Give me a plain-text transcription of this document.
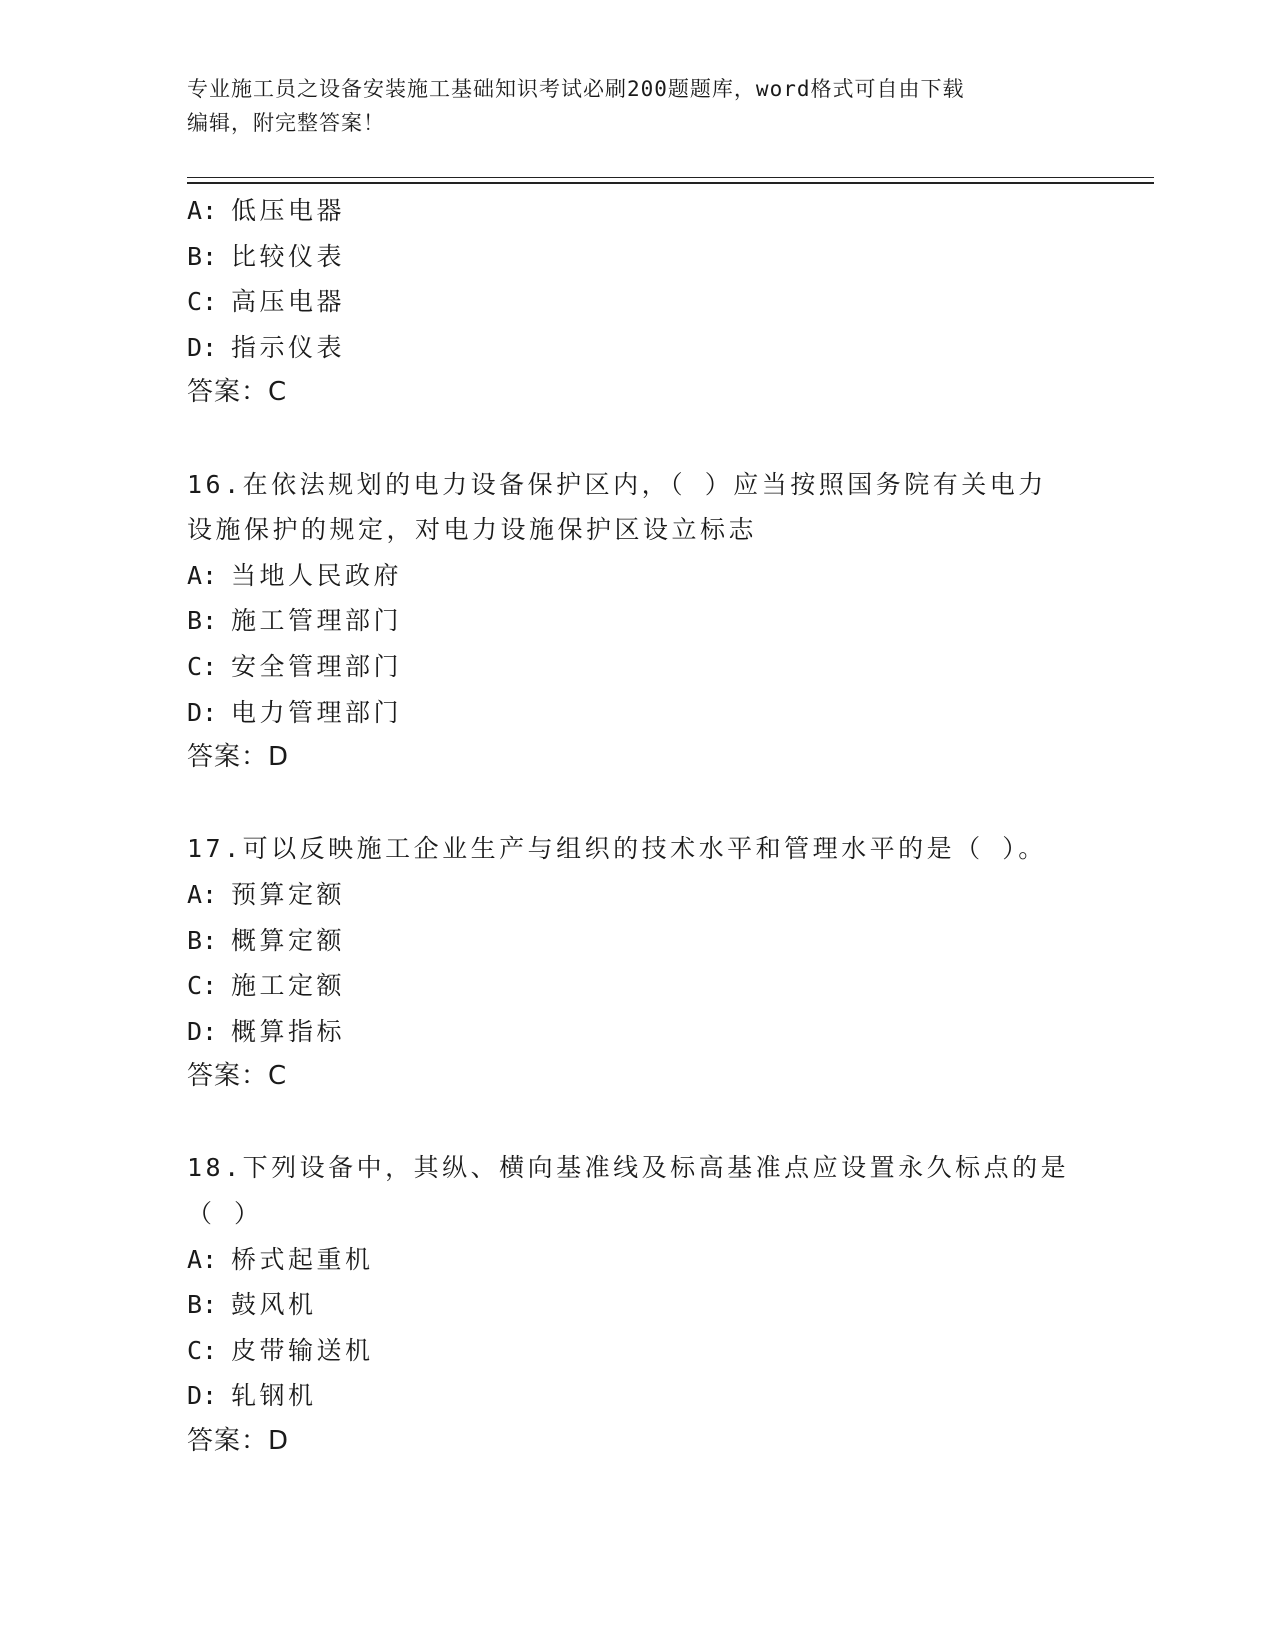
专业施工员之设备安装施工基础知识考试必刷200题题库，word格式可自由下载
编辑，附完整答案！
A: 低压电器
B: 比较仪表
C: 高压电器
D: 指示仪表
答案：C
16.在依法规划的电力设备保护区内，（ ）应当按照国务院有关电力
设施保护的规定，对电力设施保护区设立标志
A: 当地人民政府
B: 施工管理部门
C: 安全管理部门
D: 电力管理部门
答案：D
17.可以反映施工企业生产与组织的技术水平和管理水平的是（ ）。
A: 预算定额
B: 概算定额
C: 施工定额
D: 概算指标
答案：C
18.下列设备中，其纵、横向基准线及标高基准点应设置永久标点的是
（ ）
A: 桥式起重机
B: 鼓风机
C: 皮带输送机
D: 轧钢机
答案：D
